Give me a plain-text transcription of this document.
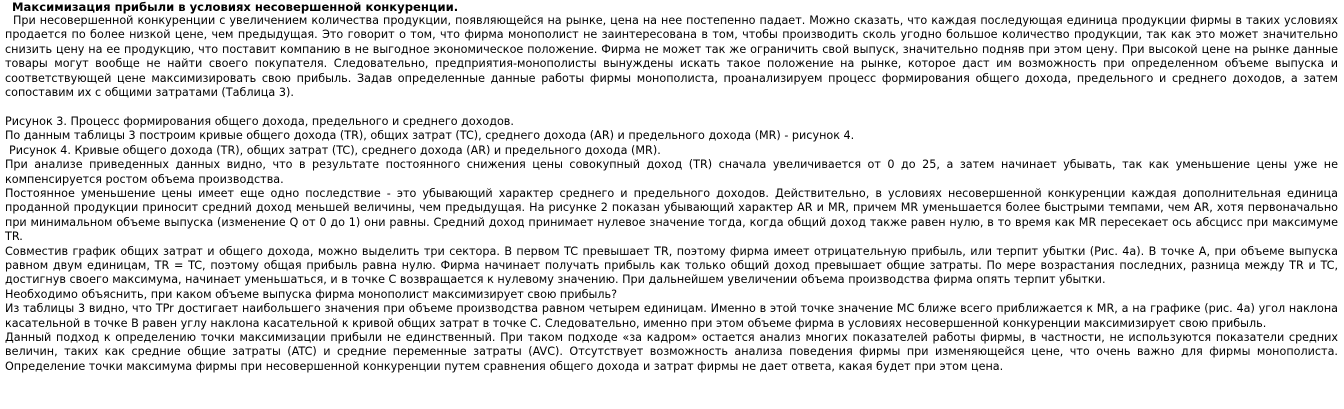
Максимизация прибыли в условиях несовершенной конкуренции.

При несовершенной конкуренции с увеличением количества продукции, появляющейся на рынке, цена на нее постепенно падает. Можно сказать, что каждая последующая единица продукции фирмы в таких условиях продается по более низкой цене, чем предыдущая. Это говорит о том, что фирма монополист не заинтересована в том, чтобы производить сколь угодно большое количество продукции, так как это может значительно снизить цену на ее продукцию, что поставит компанию в не выгодное экономическое положение. Фирма не может так же ограничить свой выпуск, значительно подняв при этом цену. При высокой цене на рынке данные товары могут вообще не найти своего покупателя. Следовательно, предприятия-монополисты вынуждены искать такое положение на рынке, которое даст им возможность при определенном объеме выпуска и соответствующей цене максимизировать свою прибыль. Задав определенные данные работы фирмы монополиста, проанализируем процесс формирования общего дохода, предельного и среднего доходов, а затем сопоставим их с общими затратами (Таблица 3).

Рисунок 3. Процесс формирования общего дохода, предельного и среднего доходов.

По данным таблицы 3 построим кривые общего дохода (TR), общих затрат (TC), среднего дохода (AR) и предельного дохода (MR) - рисунок 4.

Рисунок 4. Кривые общего дохода (TR), общих затрат (TC), среднего дохода (AR) и предельного дохода (MR).

При анализе приведенных данных видно, что в результате постоянного снижения цены совокупный доход (TR) сначала увеличивается от 0 до 25, а затем начинает убывать, так как уменьшение цены уже не компенсируется ростом объема производства.

Постоянное уменьшение цены имеет еще одно последствие - это убывающий характер среднего и предельного доходов. Действительно, в условиях несовершенной конкуренции каждая дополнительная единица проданной продукции приносит средний доход меньшей величины, чем предыдущая. На рисунке 2 показан убывающий характер AR и MR, причем MR уменьшается более быстрыми темпами, чем AR, хотя первоначально при минимальном объеме выпуска (изменение Q от 0 до 1) они равны. Средний доход принимает нулевое значение тогда, когда общий доход также равен нулю, в то время как MR пересекает ось абсцисс при максимуме TR.

Совместив график общих затрат и общего дохода, можно выделить три сектора. В первом TC превышает TR, поэтому фирма имеет отрицательную прибыль, или терпит убытки (Рис. 4а). В точке А, при объеме выпуска равном двум единицам, TR = TC, поэтому общая прибыль равна нулю. Фирма начинает получать прибыль как только общий доход превышает общие затраты. По мере возрастания последних, разница между TR и TC, достигнув своего максимума, начинает уменьшаться, и в точке С возвращается к нулевому значению. При дальнейшем увеличении объема производства фирма опять терпит убытки.

Необходимо объяснить, при каком объеме выпуска фирма монополист максимизирует свою прибыль?

Из таблицы 3 видно, что TPr достигает наибольшего значения при объеме производства равном четырем единицам. Именно в этой точке значение MC ближе всего приближается к MR, а на графике (рис. 4а) угол наклона касательной в точке В равен углу наклона касательной к кривой общих затрат в точке С. Следовательно, именно при этом объеме фирма в условиях несовершенной конкуренции максимизирует свою прибыль.

Данный подход к определению точки максимизации прибыли не единственный. При таком подходе «за кадром» остается анализ многих показателей работы фирмы, в частности, не используются показатели средних величин, таких как средние общие затраты (ATC) и средние переменные затраты (AVC). Отсутствует возможность анализа поведения фирмы при изменяющейся цене, что очень важно для фирмы монополиста. Определение точки максимума фирмы при несовершенной конкуренции путем сравнения общего дохода и затрат фирмы не дает ответа, какая будет при этом цена.
